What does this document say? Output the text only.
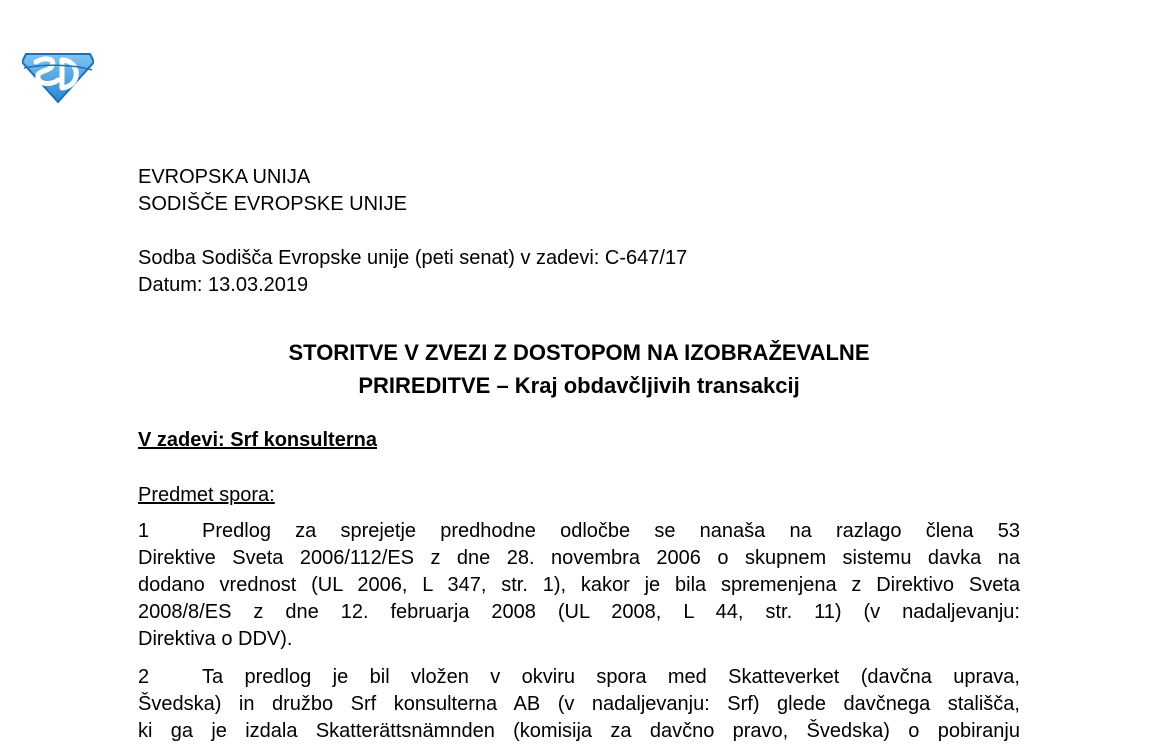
EVROPSKA UNIJA
SODIŠČE EVROPSKE UNIJE
Sodba Sodišča Evropske unije (peti senat) v zadevi: C-647/17
Datum: 13.03.2019
STORITVE V ZVEZI Z DOSTOPOM NA IZOBRAŽEVALNE
PRIREDITVE – Kraj obdavčljivih transakcij
V zadevi: Srf konsulterna
Predmet spora:
1	Predlog za sprejetje predhodne odločbe se nanaša na razlago člena 53
Direktive Sveta 2006/112/ES z dne 28. novembra 2006 o skupnem sistemu davka na
dodano vrednost (UL 2006, L 347, str. 1), kakor je bila spremenjena z Direktivo Sveta
2008/8/ES z dne 12. februarja 2008 (UL 2008, L 44, str. 11) (v nadaljevanju:
Direktiva o DDV).
2	Ta predlog je bil vložen v okviru spora med Skatteverket (davčna uprava,
Švedska) in družbo Srf konsulterna AB (v nadaljevanju: Srf) glede davčnega stališča,
ki ga je izdala Skatterättsnämnden (komisija za davčno pravo, Švedska) o pobiranju
